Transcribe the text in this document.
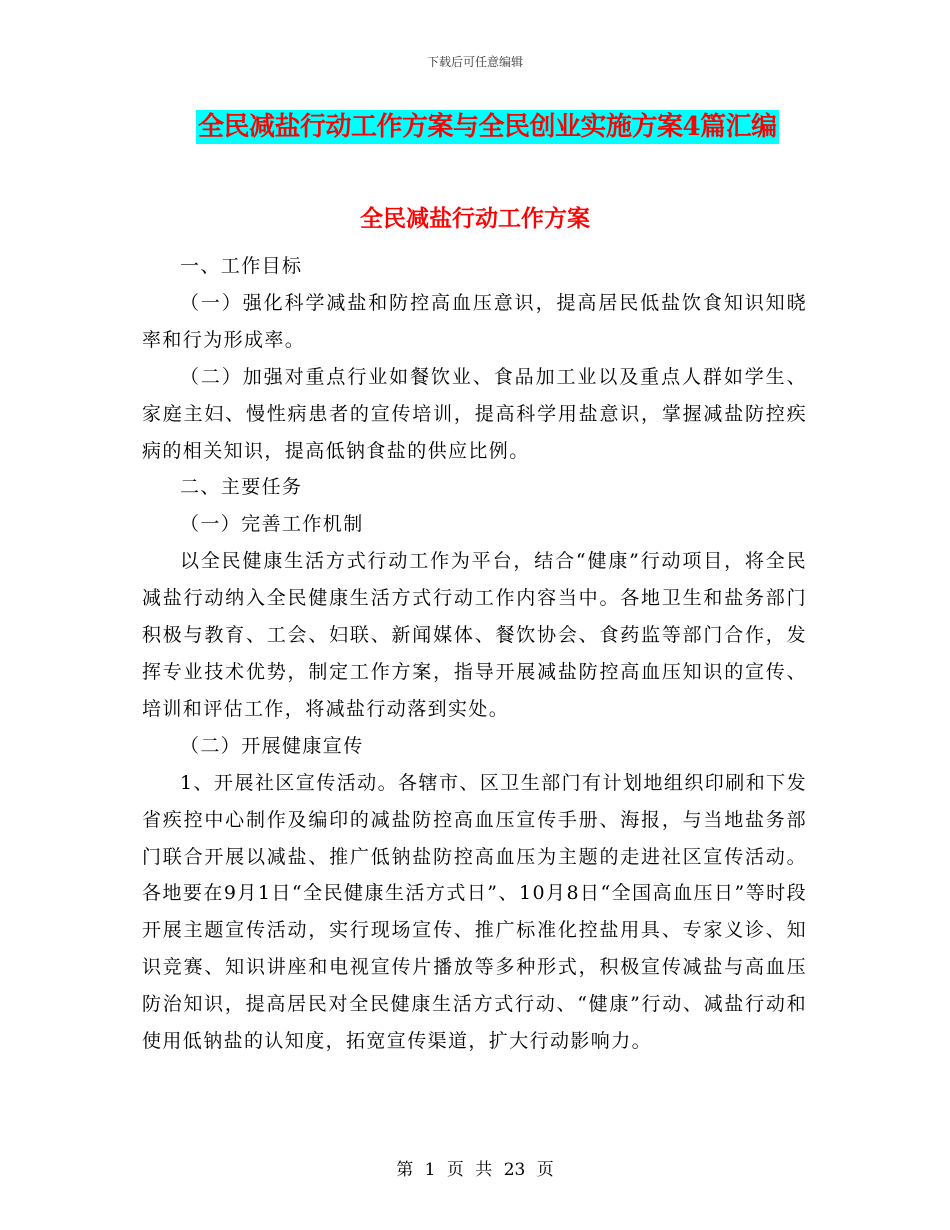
下载后可任意编辑
全民减盐行动工作方案与全民创业实施方案4篇汇编
全民减盐行动工作方案

一、工作目标

（一）强化科学减盐和防控高血压意识，提高居民低盐饮食知识知晓率和行为形成率。

（二）加强对重点行业如餐饮业、食品加工业以及重点人群如学生、家庭主妇、慢性病患者的宣传培训，提高科学用盐意识，掌握减盐防控疾病的相关知识，提高低钠食盐的供应比例。

二、主要任务

（一）完善工作机制

以全民健康生活方式行动工作为平台，结合“健康”行动项目，将全民减盐行动纳入全民健康生活方式行动工作内容当中。各地卫生和盐务部门积极与教育、工会、妇联、新闻媒体、餐饮协会、食药监等部门合作，发挥专业技术优势，制定工作方案，指导开展减盐防控高血压知识的宣传、培训和评估工作，将减盐行动落到实处。

（二）开展健康宣传

1、开展社区宣传活动。各辖市、区卫生部门有计划地组织印刷和下发省疾控中心制作及编印的减盐防控高血压宣传手册、海报，与当地盐务部门联合开展以减盐、推广低钠盐防控高血压为主题的走进社区宣传活动。各地要在9月1日“全民健康生活方式日”、10月8日“全国高血压日”等时段开展主题宣传活动，实行现场宣传、推广标准化控盐用具、专家义诊、知识竞赛、知识讲座和电视宣传片播放等多种形式，积极宣传减盐与高血压防治知识，提高居民对全民健康生活方式行动、“健康”行动、减盐行动和使用低钠盐的认知度，拓宽宣传渠道，扩大行动影响力。

第 1 页 共 23 页
